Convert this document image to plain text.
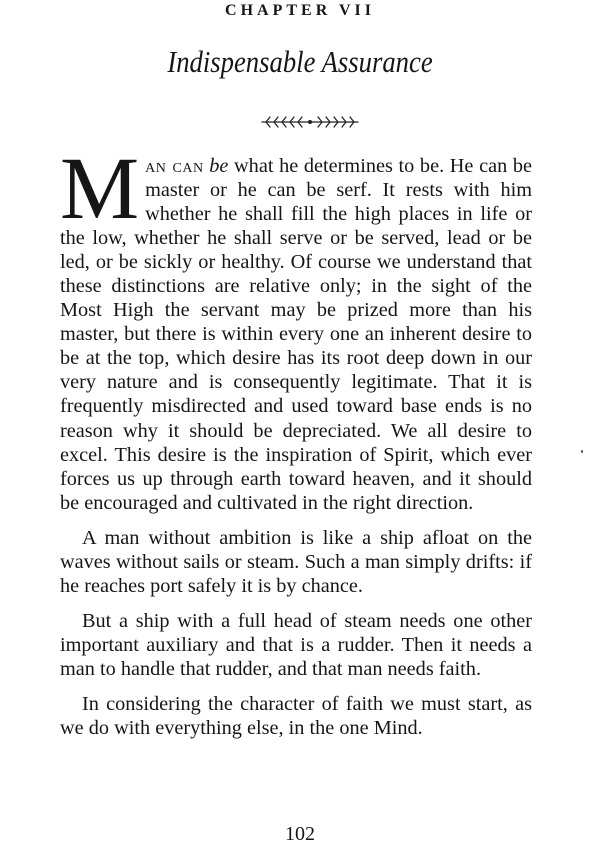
CHAPTER VII
Indispensable Assurance

Man can be what he determines to be. He can be master or he can be serf. It rests with him whether he shall fill the high places in life or the low, whether he shall serve or be served, lead or be led, or be sickly or healthy. Of course we understand that these distinctions are relative only; in the sight of the Most High the servant may be prized more than his master, but there is within every one an inherent desire to be at the top, which desire has its root deep down in our very nature and is consequently legitimate. That it is frequently misdirected and used toward base ends is no reason why it should be depreciated. We all desire to excel. This desire is the inspiration of Spirit, which ever forces us up through earth toward heaven, and it should be encouraged and cultivated in the right direction.

A man without ambition is like a ship afloat on the waves without sails or steam. Such a man simply drifts: if he reaches port safely it is by chance.

But a ship with a full head of steam needs one other important auxiliary and that is a rudder. Then it needs a man to handle that rudder, and that man needs faith.

In considering the character of faith we must start, as we do with everything else, in the one Mind.

102
